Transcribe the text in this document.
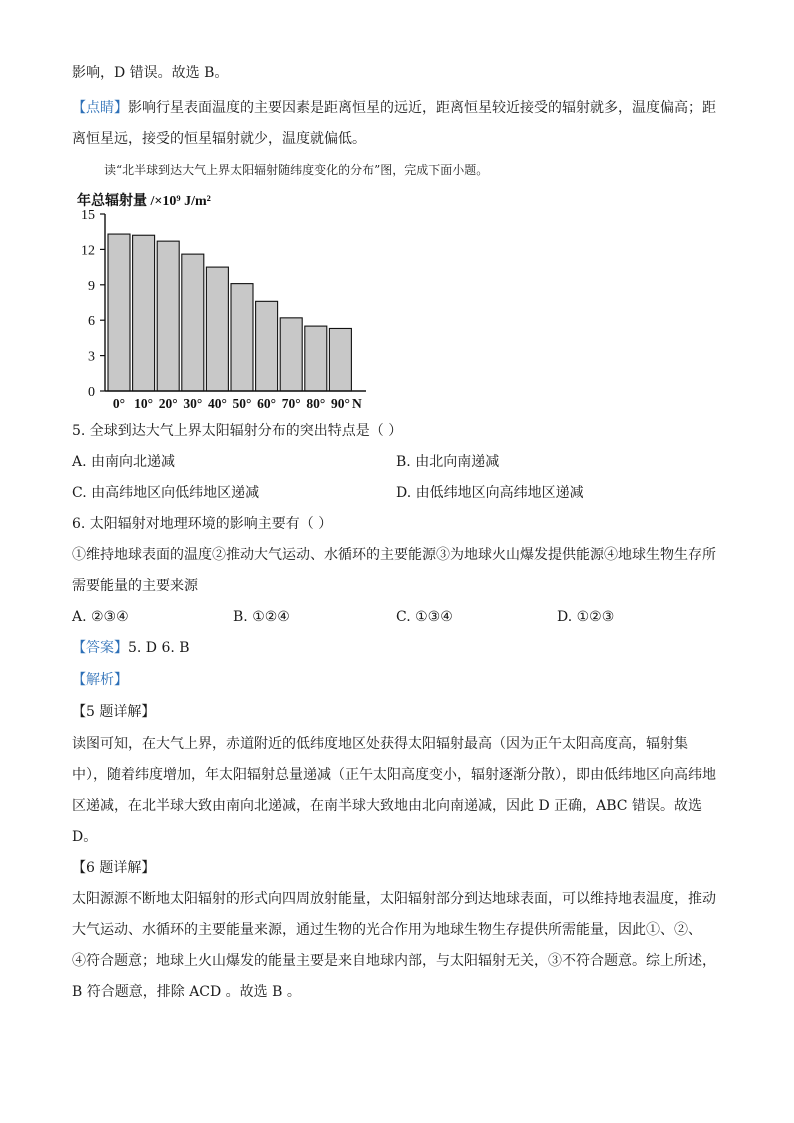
影响，D 错误。故选 B。
【点睛】影响行星表面温度的主要因素是距离恒星的远近，距离恒星较近接受的辐射就多，温度偏高；距
离恒星远，接受的恒星辐射就少，温度就偏低。
读“北半球到达大气上界太阳辐射随纬度变化的分布”图，完成下面小题。
年总辐射量 /×10⁹ J/m²
0
3
6
9
12
15
0° 10° 20° 30° 40° 50° 60° 70° 80° 90° N
5. 全球到达大气上界太阳辐射分布的突出特点是（ ）
A. 由南向北递减	B. 由北向南递减
C. 由高纬地区向低纬地区递减	D. 由低纬地区向高纬地区递减
6. 太阳辐射对地理环境的影响主要有（ ）
①维持地球表面的温度②推动大气运动、水循环的主要能源③为地球火山爆发提供能源④地球生物生存所
需要能量的主要来源
A. ②③④	B. ①②④	C. ①③④	D. ①②③
【答案】5. D 6. B
【解析】
【5 题详解】
读图可知，在大气上界，赤道附近的低纬度地区处获得太阳辐射最高（因为正午太阳高度高，辐射集
中），随着纬度增加，年太阳辐射总量递减（正午太阳高度变小，辐射逐渐分散），即由低纬地区向高纬地
区递减，在北半球大致由南向北递减，在南半球大致地由北向南递减，因此 D 正确，ABC 错误。故选
D。
【6 题详解】
太阳源源不断地太阳辐射的形式向四周放射能量，太阳辐射部分到达地球表面，可以维持地表温度，推动
大气运动、水循环的主要能量来源，通过生物的光合作用为地球生物生存提供所需能量，因此①、②、
④符合题意；地球上火山爆发的能量主要是来自地球内部，与太阳辐射无关，③不符合题意。综上所述，
B 符合题意，排除 ACD 。故选 B 。
